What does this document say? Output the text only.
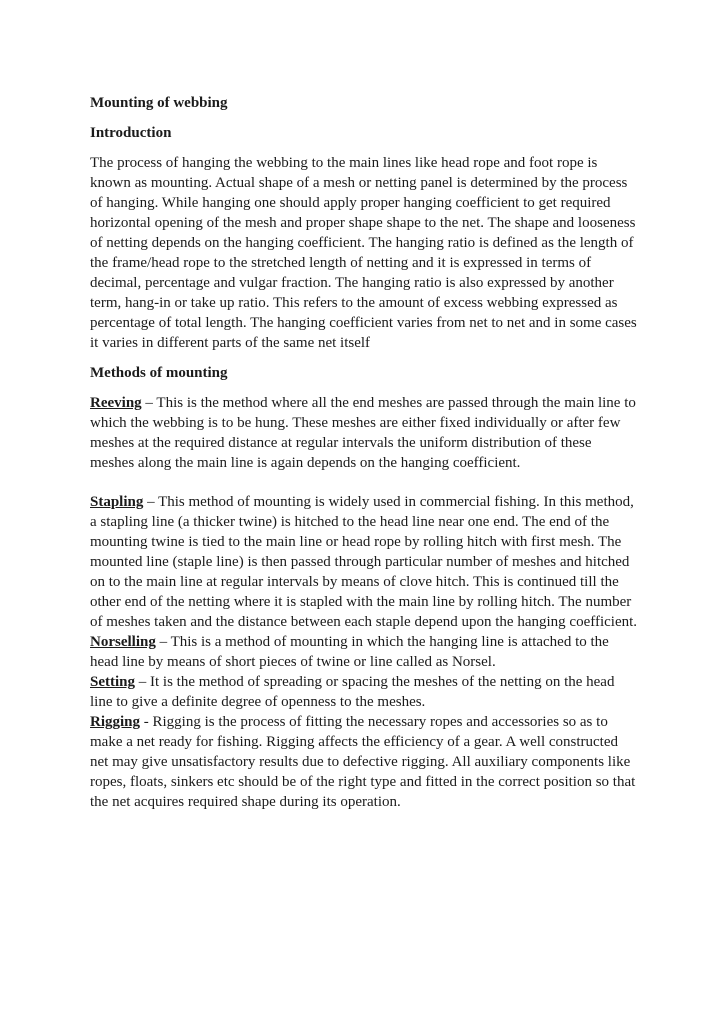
Mounting of webbing

Introduction

The process of hanging the webbing to the main lines like head rope and foot rope is known as mounting. Actual shape of a mesh or netting panel is determined by the process of hanging. While hanging one should apply proper hanging coefficient to get required horizontal opening of the mesh and proper shape shape to the net. The shape and looseness of netting depends on the hanging coefficient. The hanging ratio is defined as the length of the frame/head rope to the stretched length of netting and it is expressed in terms of decimal, percentage and vulgar fraction. The hanging ratio is also expressed by another term, hang-in or take up ratio. This refers to the amount of excess webbing expressed as percentage of total length. The hanging coefficient varies from net to net and in some cases it varies in different parts of the same net itself

Methods of mounting

Reeving – This is the method where all the end meshes are passed through the main line to which the webbing is to be hung. These meshes are either fixed individually or after few meshes at the required distance at regular intervals the uniform distribution of these meshes along the main line is again depends on the hanging coefficient.

Stapling – This method of mounting is widely used in commercial fishing. In this method, a stapling line (a thicker twine) is hitched to the head line near one end. The end of the mounting twine is tied to the main line or head rope by rolling hitch with first mesh. The mounted line (staple line) is then passed through particular number of meshes and hitched on to the main line at regular intervals by means of clove hitch. This is continued till the other end of the netting where it is stapled with the main line by rolling hitch. The number of meshes taken and the distance between each staple depend upon the hanging coefficient.

Norselling – This is a method of mounting in which the hanging line is attached to the head line by means of short pieces of twine or line called as Norsel.

Setting – It is the method of spreading or spacing the meshes of the netting on the head line to give a definite degree of openness to the meshes.

Rigging - Rigging is the process of fitting the necessary ropes and accessories so as to make a net ready for fishing. Rigging affects the efficiency of a gear. A well constructed net may give unsatisfactory results due to defective rigging. All auxiliary components like ropes, floats, sinkers etc should be of the right type and fitted in the correct position so that the net acquires required shape during its operation.
